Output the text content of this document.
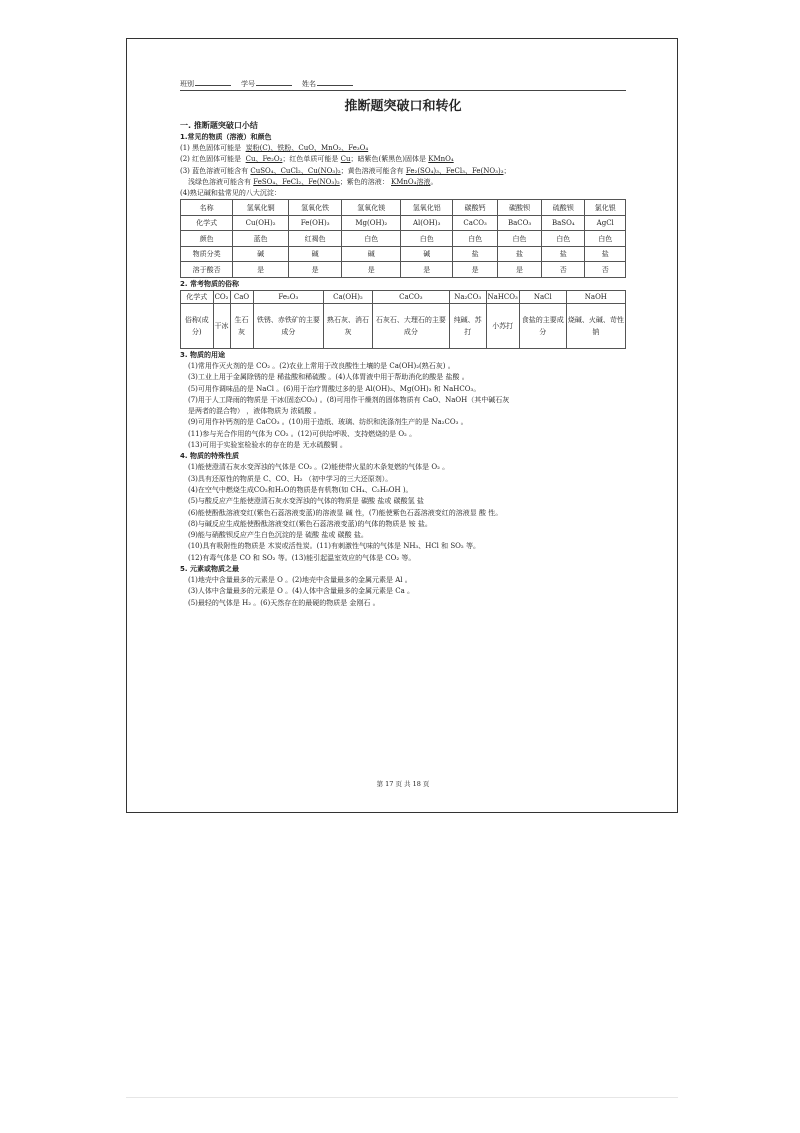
班别	学号	姓名
推断题突破口和转化
一. 推断题突破口小结
1.常见的物质（溶液）和颜色
(1) 黑色固体可能是 炭粉(C)、铁粉、CuO、MnO₂、Fe₃O₄
(2) 红色固体可能是 Cu、Fe₂O₃；红色单质可能是 Cu；暗紫色(紫黑色)固体是 KMnO₄
(3) 蓝色溶液可能含有 CuSO₄、CuCl₂、Cu(NO₃)₂；黄色溶液可能含有 Fe₂(SO₄)₃、FeCl₃、Fe(NO₃)₃；
浅绿色溶液可能含有 FeSO₄、FeCl₂、Fe(NO₃)₂；紫色的溶液： KMnO₄溶液。
(4)熟记碱和盐常见的八大沉淀：
名称	氢氧化铜	氢氧化铁	氢氧化镁	氢氧化铝	碳酸钙	碳酸钡	硫酸钡	氯化银
化学式	Cu(OH)₂	Fe(OH)₃	Mg(OH)₂	Al(OH)₃	CaCO₃	BaCO₃	BaSO₄	AgCl
颜色	蓝色	红褐色	白色	白色	白色	白色	白色	白色
物质分类	碱	碱	碱	碱	盐	盐	盐	盐
溶于酸否	是	是	是	是	是	是	否	否
2. 常考物质的俗称
化学式	CO₂	CaO	Fe₂O₃	Ca(OH)₂	CaCO₃	Na₂CO₃	NaHCO₃	NaCl	NaOH
俗称(成分)	干冰	生石灰	铁锈、赤铁矿的主要成分	熟石灰、消石灰	石灰石、大理石的主要成分	纯碱、苏打	小苏打	食盐的主要成分	烧碱、火碱、苛性钠
3. 物质的用途
(1)常用作灭火剂的是 CO₂ 。(2)农业上常用于改良酸性土壤的是 Ca(OH)₂(熟石灰) 。
(3)工业上用于金属除锈的是 稀盐酸和稀硫酸 。(4)人体胃液中用于帮助消化的酸是 盐酸 。
(5)可用作调味品的是 NaCl 。(6)用于治疗胃酸过多的是 Al(OH)₃、Mg(OH)₂ 和 NaHCO₃。
(7)用于人工降雨的物质是 干冰(固态CO₂) 。(8)可用作干燥剂的固体物质有 CaO、NaOH（其中碱石灰
是两者的混合物） ，液体物质为 浓硫酸 。
(9)可用作补钙剂的是 CaCO₃ 。(10)用于造纸、玻璃、纺织和洗涤剂生产的是 Na₂CO₃ 。
(11)参与光合作用的气体为 CO₂ 。(12)可供给呼吸、支持燃烧的是 O₂ 。
(13)可用于实验室检验水的存在的是 无水硫酸铜 。
4. 物质的特殊性质
(1)能使澄清石灰水变浑浊的气体是 CO₂ 。(2)能使带火星的木条复燃的气体是 O₂ 。
(3)具有还原性的物质是 C、CO、H₂ （初中学习的三大还原剂）。
(4)在空气中燃烧生成CO₂和H₂O的物质是有机物(如 CH₄、C₂H₅OH )。
(5)与酸反应产生能使澄清石灰水变浑浊的气体的物质是 碳酸 盐或 碳酸氢 盐
(6)能使酚酞溶液变红(紫色石蕊溶液变蓝)的溶液显 碱 性，(7)能使紫色石蕊溶液变红的溶液显 酸 性。
(8)与碱反应生成能使酚酞溶液变红(紫色石蕊溶液变蓝)的气体的物质是 铵 盐。
(9)能与硝酸钡反应产生白色沉淀的是 硫酸 盐或 碳酸 盐。
(10)具有吸附性的物质是 木炭或活性炭。(11)有刺激性气味的气体是 NH₃、HCl 和 SO₂ 等。
(12)有毒气体是 CO 和 SO₂ 等。(13)能引起温室效应的气体是 CO₂ 等。
5. 元素或物质之最
(1)地壳中含量最多的元素是 O 。(2)地壳中含量最多的金属元素是 Al 。
(3)人体中含量最多的元素是 O 。(4)人体中含量最多的金属元素是 Ca 。
(5)最轻的气体是 H₂ 。(6)天然存在的最硬的物质是 金刚石 。
第 17 页 共 18 页
